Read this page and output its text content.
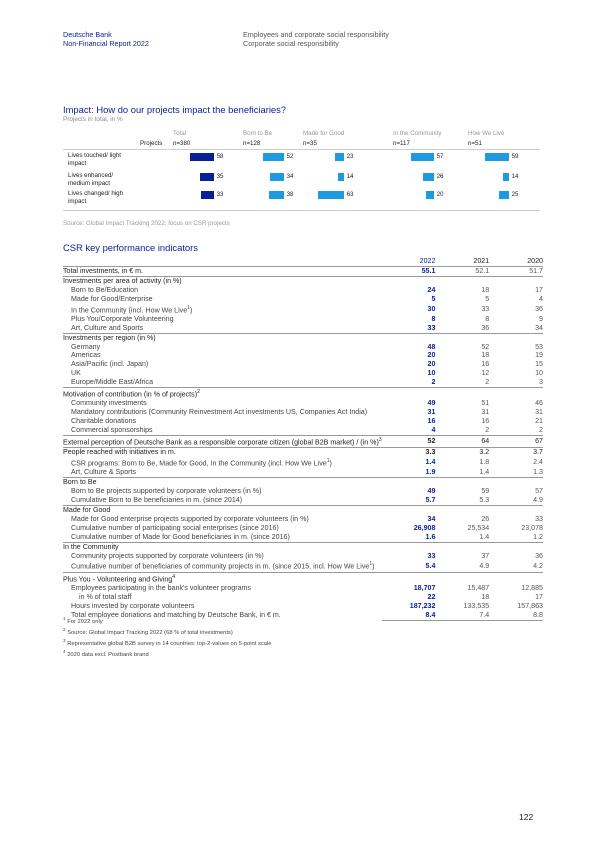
Deutsche Bank
Non-Financial Report 2022
Employees and corporate social responsibility
Corporate social responsibility
Impact: How do our projects impact the beneficiaries?
Projects in total, in %
Total
n=380
Born to Be
n=128
Made for Good
n=35
In the Community
n=117
How We Live
n=51
Projects
Lives touched/ light impact
58	52	23	57	59
Lives enhanced/ medium impact
35	34	14	26	14
Lives changed/ high impact
33	38	63	20	25
Source: Global Impact Tracking 2022; focus on CSR projects
CSR key performance indicators
	2022	2021	2020
Total investments, in € m.	55.1	52.1	51.7
Investments per area of activity (in %)			
Born to Be/Education	24	18	17
Made for Good/Enterprise	5	5	4
In the Community (incl. How We Live$^1$)	30	33	36
Plus You/Corporate Volunteering	8	8	9
Art, Culture and Sports	33	36	34
Investments per region (in %)			
Germany	48	52	53
Americas	20	18	19
Asia/Pacific (incl. Japan)	20	16	15
UK	10	12	10
Europe/Middle East/Africa	2	2	3
Motivation of contribution (in % of projects)$^2$			
Community investments	49	51	46
Mandatory contributions (Community Reinvestment Act investments US, Companies Act India)	31	31	31
Charitable donations	16	16	21
Commercial sponsorships	4	2	2
External perception of Deutsche Bank as a responsible corporate citizen (global B2B market) / (in %)$^3$	52	64	67
People reached with initiatives in m.	3.3	3.2	3.7
CSR programs: Born to Be, Made for Good, In the Community (incl. How We Live$^1$)	1.4	1.8	2.4
Art, Culture & Sports	1.9	1.4	1.3
Born to Be			
Born to Be projects supported by corporate volunteers (in %)	49	59	57
Cumulative Born to Be beneficiaries in m. (since 2014)	5.7	5.3	4.9
Made for Good			
Made for Good enterprise projects supported by corporate volunteers (in %)	34	26	33
Cumulative number of participating social enterprises (since 2016)	26,908	25,534	23,078
Cumulative number of Made for Good beneficiaries in m. (since 2016)	1.6	1.4	1.2
In the Community			
Community projects supported by corporate volunteers (in %)	33	37	36
Cumulative number of beneficiaries of community projects in m. (since 2015, incl. How We Live$^1$)	5.4	4.9	4.2
Plus You - Volunteering and Giving$^4$			
Employees participating in the bank's volunteer programs	18,707	15,487	12,885
in % of total staff	22	18	17
Hours invested by corporate volunteers	187,232	133,535	157,863
Total employee donations and matching by Deutsche Bank, in € m.	8.4	7.4	8.8
$^1$ For 2022 only
$^2$ Source: Global Impact Tracking 2022 (68 % of total investments)
$^3$ Representative global B2B survey in 14 countries: top-2-values on 5-point scale
$^4$ 2020 data excl. Postbank brand
122
